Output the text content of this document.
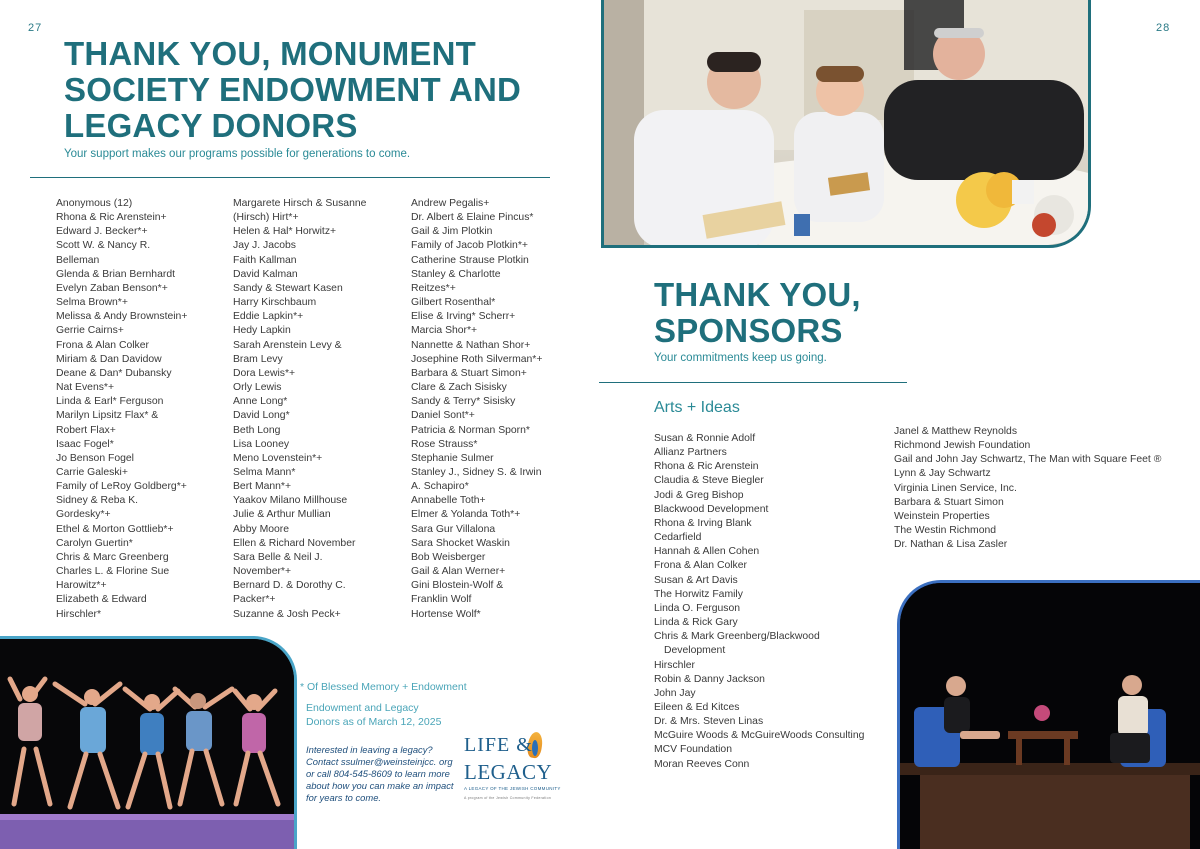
27	28
THANK YOU, MONUMENT SOCIETY ENDOWMENT AND LEGACY DONORS
Your support makes our programs possible for generations to come.
Anonymous (12)
Rhona & Ric Arenstein+
Edward J. Becker*+
Scott W. & Nancy R.
Belleman
Glenda & Brian Bernhardt
Evelyn Zaban Benson*+
Selma Brown*+
Melissa & Andy Brownstein+
Gerrie Cairns+
Frona & Alan Colker
Miriam & Dan Davidow
Deane & Dan* Dubansky
Nat Evens*+
Linda & Earl* Ferguson
Marilyn Lipsitz Flax* &
Robert Flax+
Isaac Fogel*
Jo Benson Fogel
Carrie Galeski+
Family of LeRoy Goldberg*+
Sidney & Reba K.
Gordesky*+
Ethel & Morton Gottlieb*+
Carolyn Guertin*
Chris & Marc Greenberg
Charles L. & Florine Sue
Harowitz*+
Elizabeth & Edward
Hirschler*
Margarete Hirsch & Susanne
(Hirsch) Hirt*+
Helen & Hal* Horwitz+
Jay J. Jacobs
Faith Kallman
David Kalman
Sandy & Stewart Kasen
Harry Kirschbaum
Eddie Lapkin*+
Hedy Lapkin
Sarah Arenstein Levy &
Bram Levy
Dora Lewis*+
Orly Lewis
Anne Long*
David Long*
Beth Long
Lisa Looney
Meno Lovenstein*+
Selma Mann*
Bert Mann*+
Yaakov Milano Millhouse
Julie & Arthur Mullian
Abby Moore
Ellen & Richard November
Sara Belle & Neil J.
November*+
Bernard D. & Dorothy C.
Packer*+
Suzanne & Josh Peck+
Andrew Pegalis+
Dr. Albert & Elaine Pincus*
Gail & Jim Plotkin
Family of Jacob Plotkin*+
Catherine Strause Plotkin
Stanley & Charlotte
Reitzes*+
Gilbert Rosenthal*
Elise & Irving* Scherr+
Marcia Shor*+
Nannette & Nathan Shor+
Josephine Roth Silverman*+
Barbara & Stuart Simon+
Clare & Zach Sisisky
Sandy & Terry* Sisisky
Daniel Sont*+
Patricia & Norman Sporn*
Rose Strauss*
Stephanie Sulmer
Stanley J., Sidney S. & Irwin
A. Schapiro*
Annabelle Toth+
Elmer & Yolanda Toth*+
Sara Gur Villalona
Sara Shocket Waskin
Bob Weisberger
Gail & Alan Werner+
Gini Blostein-Wolf &
Franklin Wolf
Hortense Wolf*
THANK YOU,
SPONSORS
Your commitments keep us going.
Arts + Ideas
Susan & Ronnie Adolf
Allianz Partners
Rhona & Ric Arenstein
Claudia & Steve Biegler
Jodi & Greg Bishop
Blackwood Development
Rhona & Irving Blank
Cedarfield
Hannah & Allen Cohen
Frona & Alan Colker
Susan & Art Davis
The Horwitz Family
Linda O. Ferguson
Linda & Rick Gary
Chris & Mark Greenberg/Blackwood
Development
Hirschler
Robin & Danny Jackson
John Jay
Eileen & Ed Kitces
Dr. & Mrs. Steven Linas
McGuire Woods & McGuireWoods Consulting
MCV Foundation
Moran Reeves Conn
Janel & Matthew Reynolds
Richmond Jewish Foundation
Gail and John Jay Schwartz, The Man with Square Feet ®
Lynn & Jay Schwartz
Virginia Linen Service, Inc.
Barbara & Stuart Simon
Weinstein Properties
The Westin Richmond
Dr. Nathan & Lisa Zasler
* Of Blessed Memory + Endowment
Endowment and Legacy
Donors as of March 12, 2025
Interested in leaving a legacy? Contact ssulmer@weinsteinjcc. org or call 804-545-8609 to learn more about how you can make an impact for years to come.
LIFE &
LEGACY
A LEGACY OF THE JEWISH COMMUNITY
A program of the Jewish Community Federation
